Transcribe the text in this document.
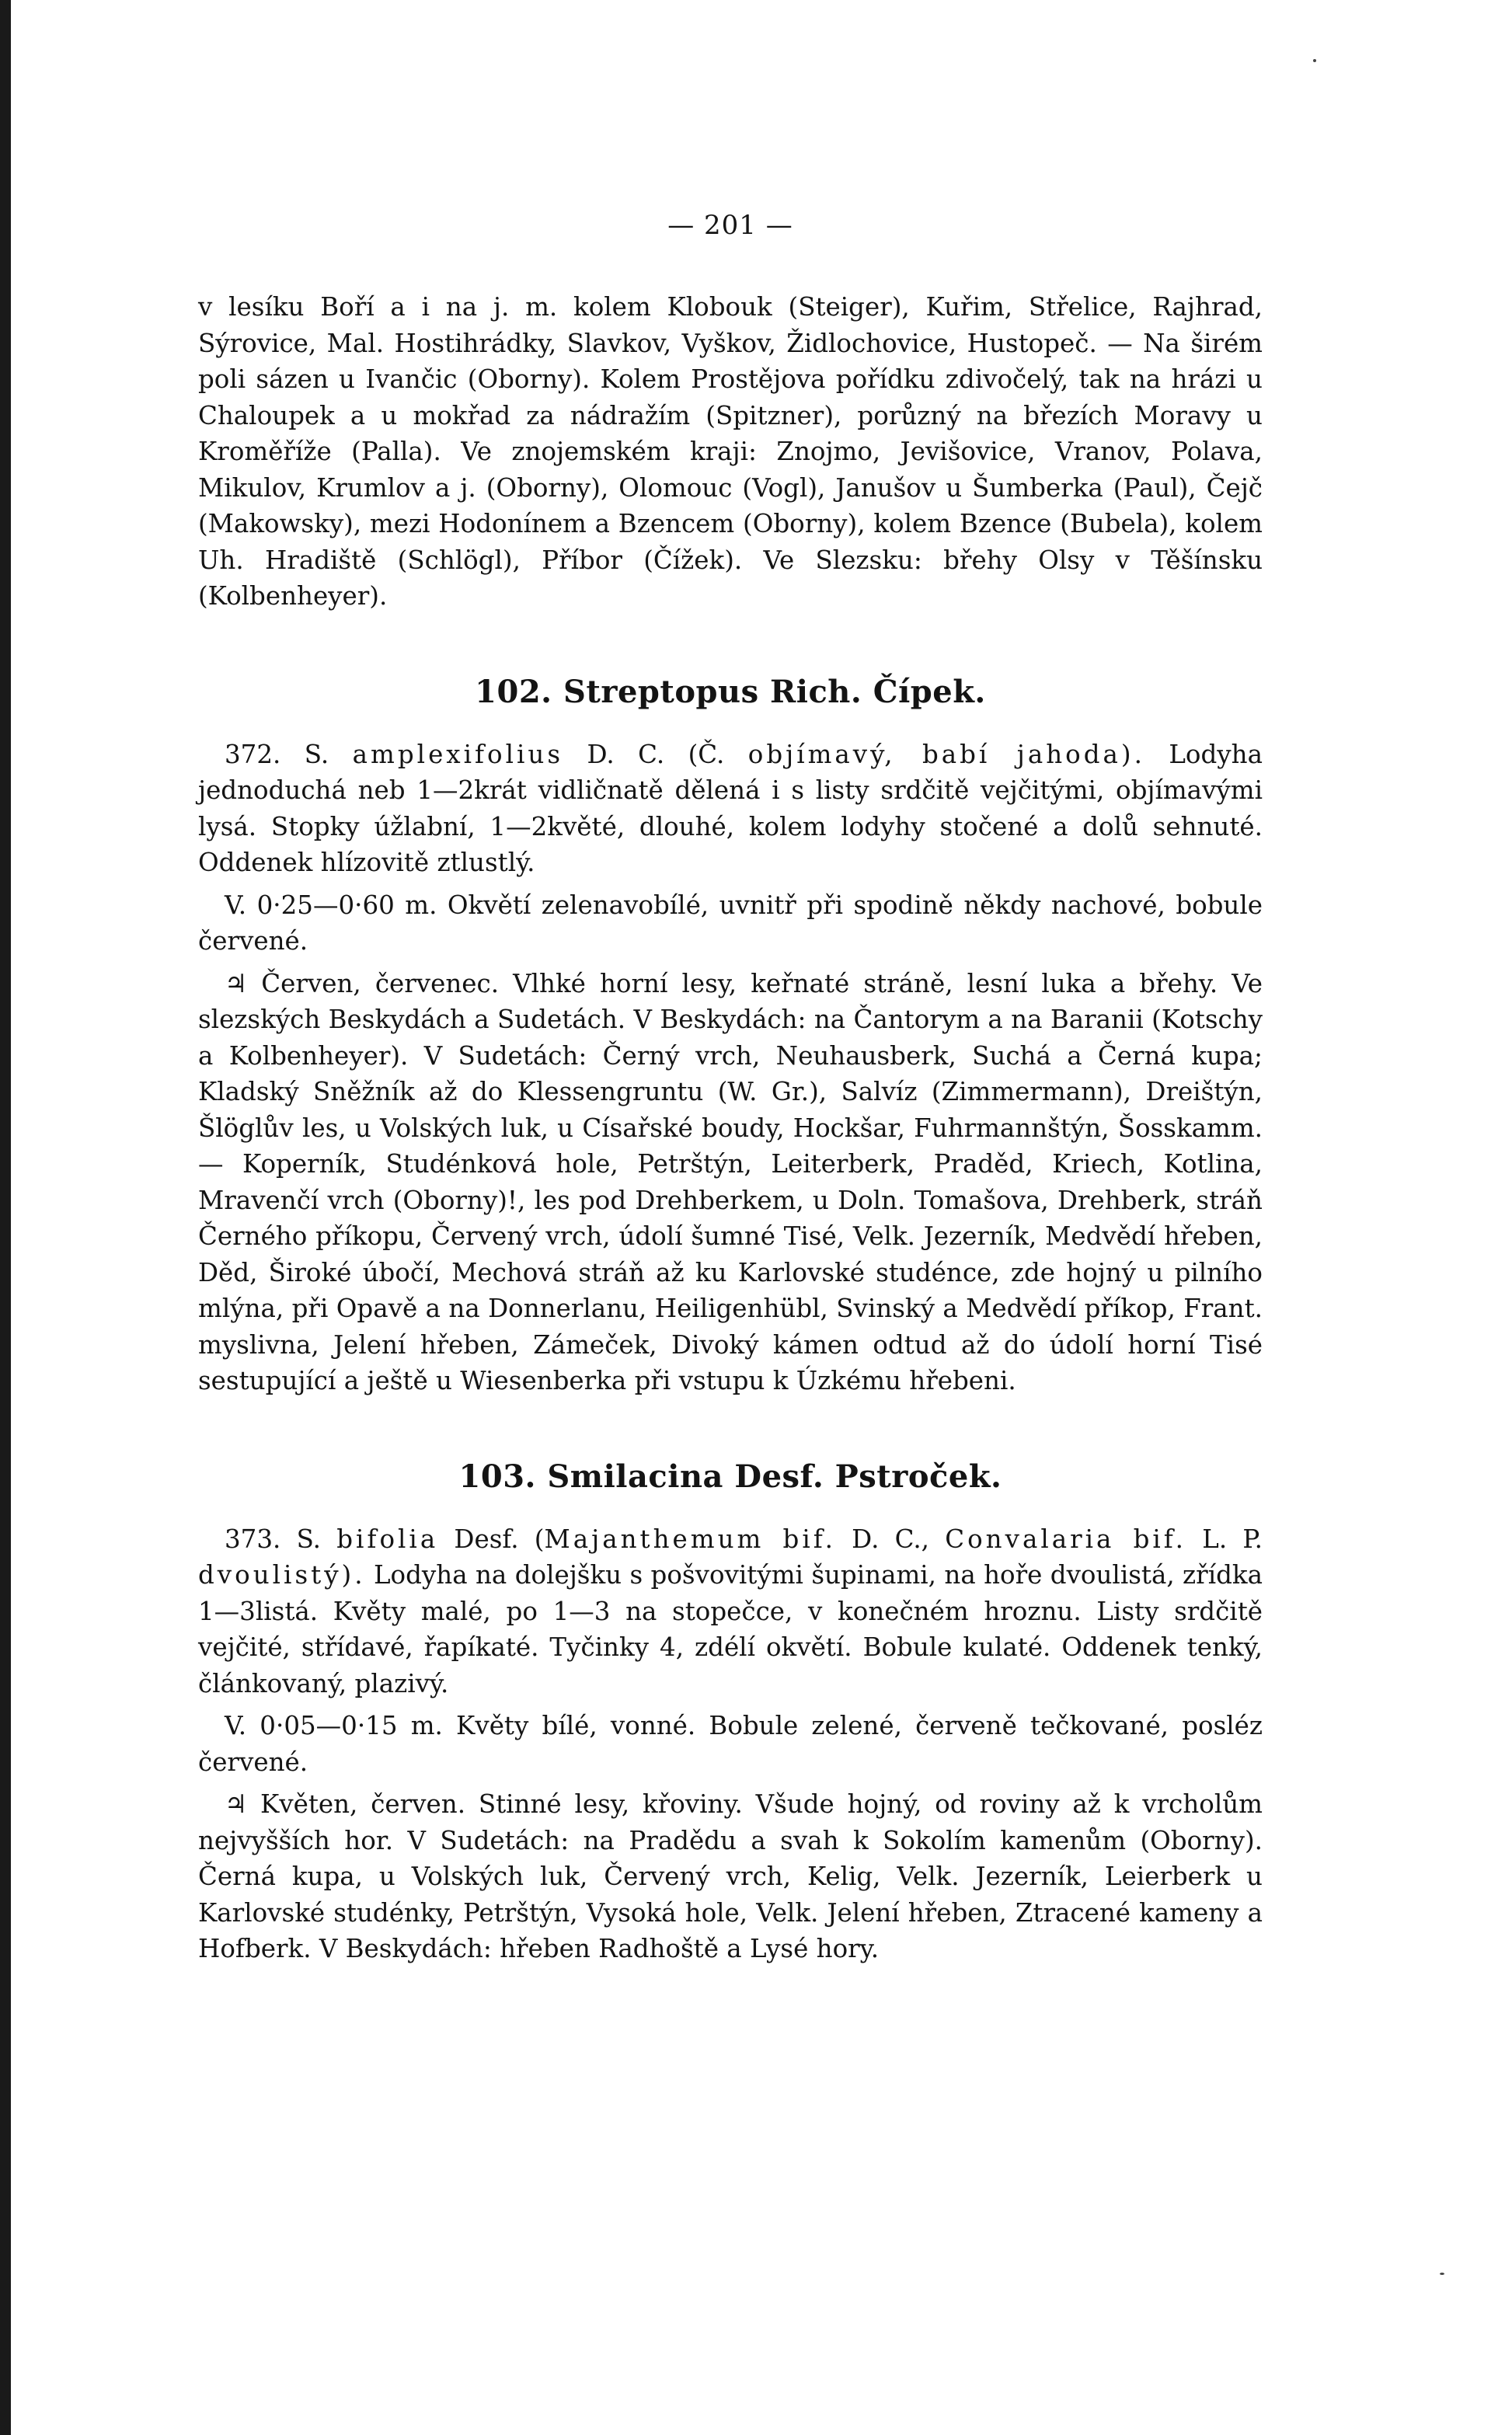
— 201 —

v lesíku Boří a i na j. m. kolem Klobouk (Steiger), Kuřim, Střelice, Rajhrad, Sýrovice, Mal. Hostihrádky, Slavkov, Vyškov, Židlochovice, Hustopeč. — Na širém poli sázen u Ivančic (Oborny). Kolem Prostějova pořídku zdivočelý, tak na hrázi u Chaloupek a u mokřad za nádražím (Spitzner), porůzný na březích Moravy u Kroměříže (Palla). Ve znojemském kraji: Znojmo, Jevišovice, Vranov, Polava, Mikulov, Krumlov a j. (Oborny), Olomouc (Vogl), Janušov u Šumberka (Paul), Čejč (Makowsky), mezi Hodonínem a Bzencem (Oborny), kolem Bzence (Bubela), kolem Uh. Hradiště (Schlögl), Příbor (Čížek). Ve Slezsku: břehy Olsy v Těšínsku (Kolbenheyer).

102. Streptopus Rich. Čípek.

372. S. amplexifolius D. C. (Č. objímavý, babí jahoda). Lodyha jednoduchá neb 1—2krát vidličnatě dělená i s listy srdčitě vejčitými, objímavými lysá. Stopky úžlabní, 1—2květé, dlouhé, kolem lodyhy stočené a dolů sehnuté. Oddenek hlízovitě ztlustlý.

V. 0·25—0·60 m. Okvětí zelenavobílé, uvnitř při spodině někdy nachové, bobule červené.

♃ Červen, červenec. Vlhké horní lesy, keřnaté stráně, lesní luka a břehy. Ve slezských Beskydách a Sudetách. V Beskydách: na Čantorym a na Baranii (Kotschy a Kolbenheyer). V Sudetách: Černý vrch, Neuhausberk, Suchá a Černá kupa; Kladský Sněžník až do Klessengruntu (W. Gr.), Salvíz (Zimmermann), Dreištýn, Šlöglův les, u Volských luk, u Císařské boudy, Hockšar, Fuhrmannštýn, Šosskamm. — Koperník, Studénková hole, Petrštýn, Leiterberk, Praděd, Kriech, Kotlina, Mravenčí vrch (Oborny)!, les pod Drehberkem, u Doln. Tomašova, Drehberk, stráň Černého příkopu, Červený vrch, údolí šumné Tisé, Velk. Jezerník, Medvědí hřeben, Děd, Široké úbočí, Mechová stráň až ku Karlovské studénce, zde hojný u pilního mlýna, při Opavě a na Donnerlanu, Heiligenhübl, Svinský a Medvědí příkop, Frant. myslivna, Jelení hřeben, Zámeček, Divoký kámen odtud až do údolí horní Tisé sestupující a ještě u Wiesenberka při vstupu k Úzkému hřebeni.

103. Smilacina Desf. Pstroček.

373. S. bifolia Desf. (Majanthemum bif. D. C., Convalaria bif. L. P. dvoulistý). Lodyha na dolejšku s pošvovitými šupinami, na hoře dvoulistá, zřídka 1—3listá. Květy malé, po 1—3 na stopečce, v konečném hroznu. Listy srdčitě vejčité, střídavé, řapíkaté. Tyčinky 4, zdélí okvětí. Bobule kulaté. Oddenek tenký, článkovaný, plazivý.

V. 0·05—0·15 m. Květy bílé, vonné. Bobule zelené, červeně tečkované, posléz červené.

♃ Květen, červen. Stinné lesy, křoviny. Všude hojný, od roviny až k vrcholům nejvyšších hor. V Sudetách: na Pradědu a svah k Sokolím kamenům (Oborny). Černá kupa, u Volských luk, Červený vrch, Kelig, Velk. Jezerník, Leierberk u Karlovské studénky, Petrštýn, Vysoká hole, Velk. Jelení hřeben, Ztracené kameny a Hofberk. V Beskydách: hřeben Radhoště a Lysé hory.
